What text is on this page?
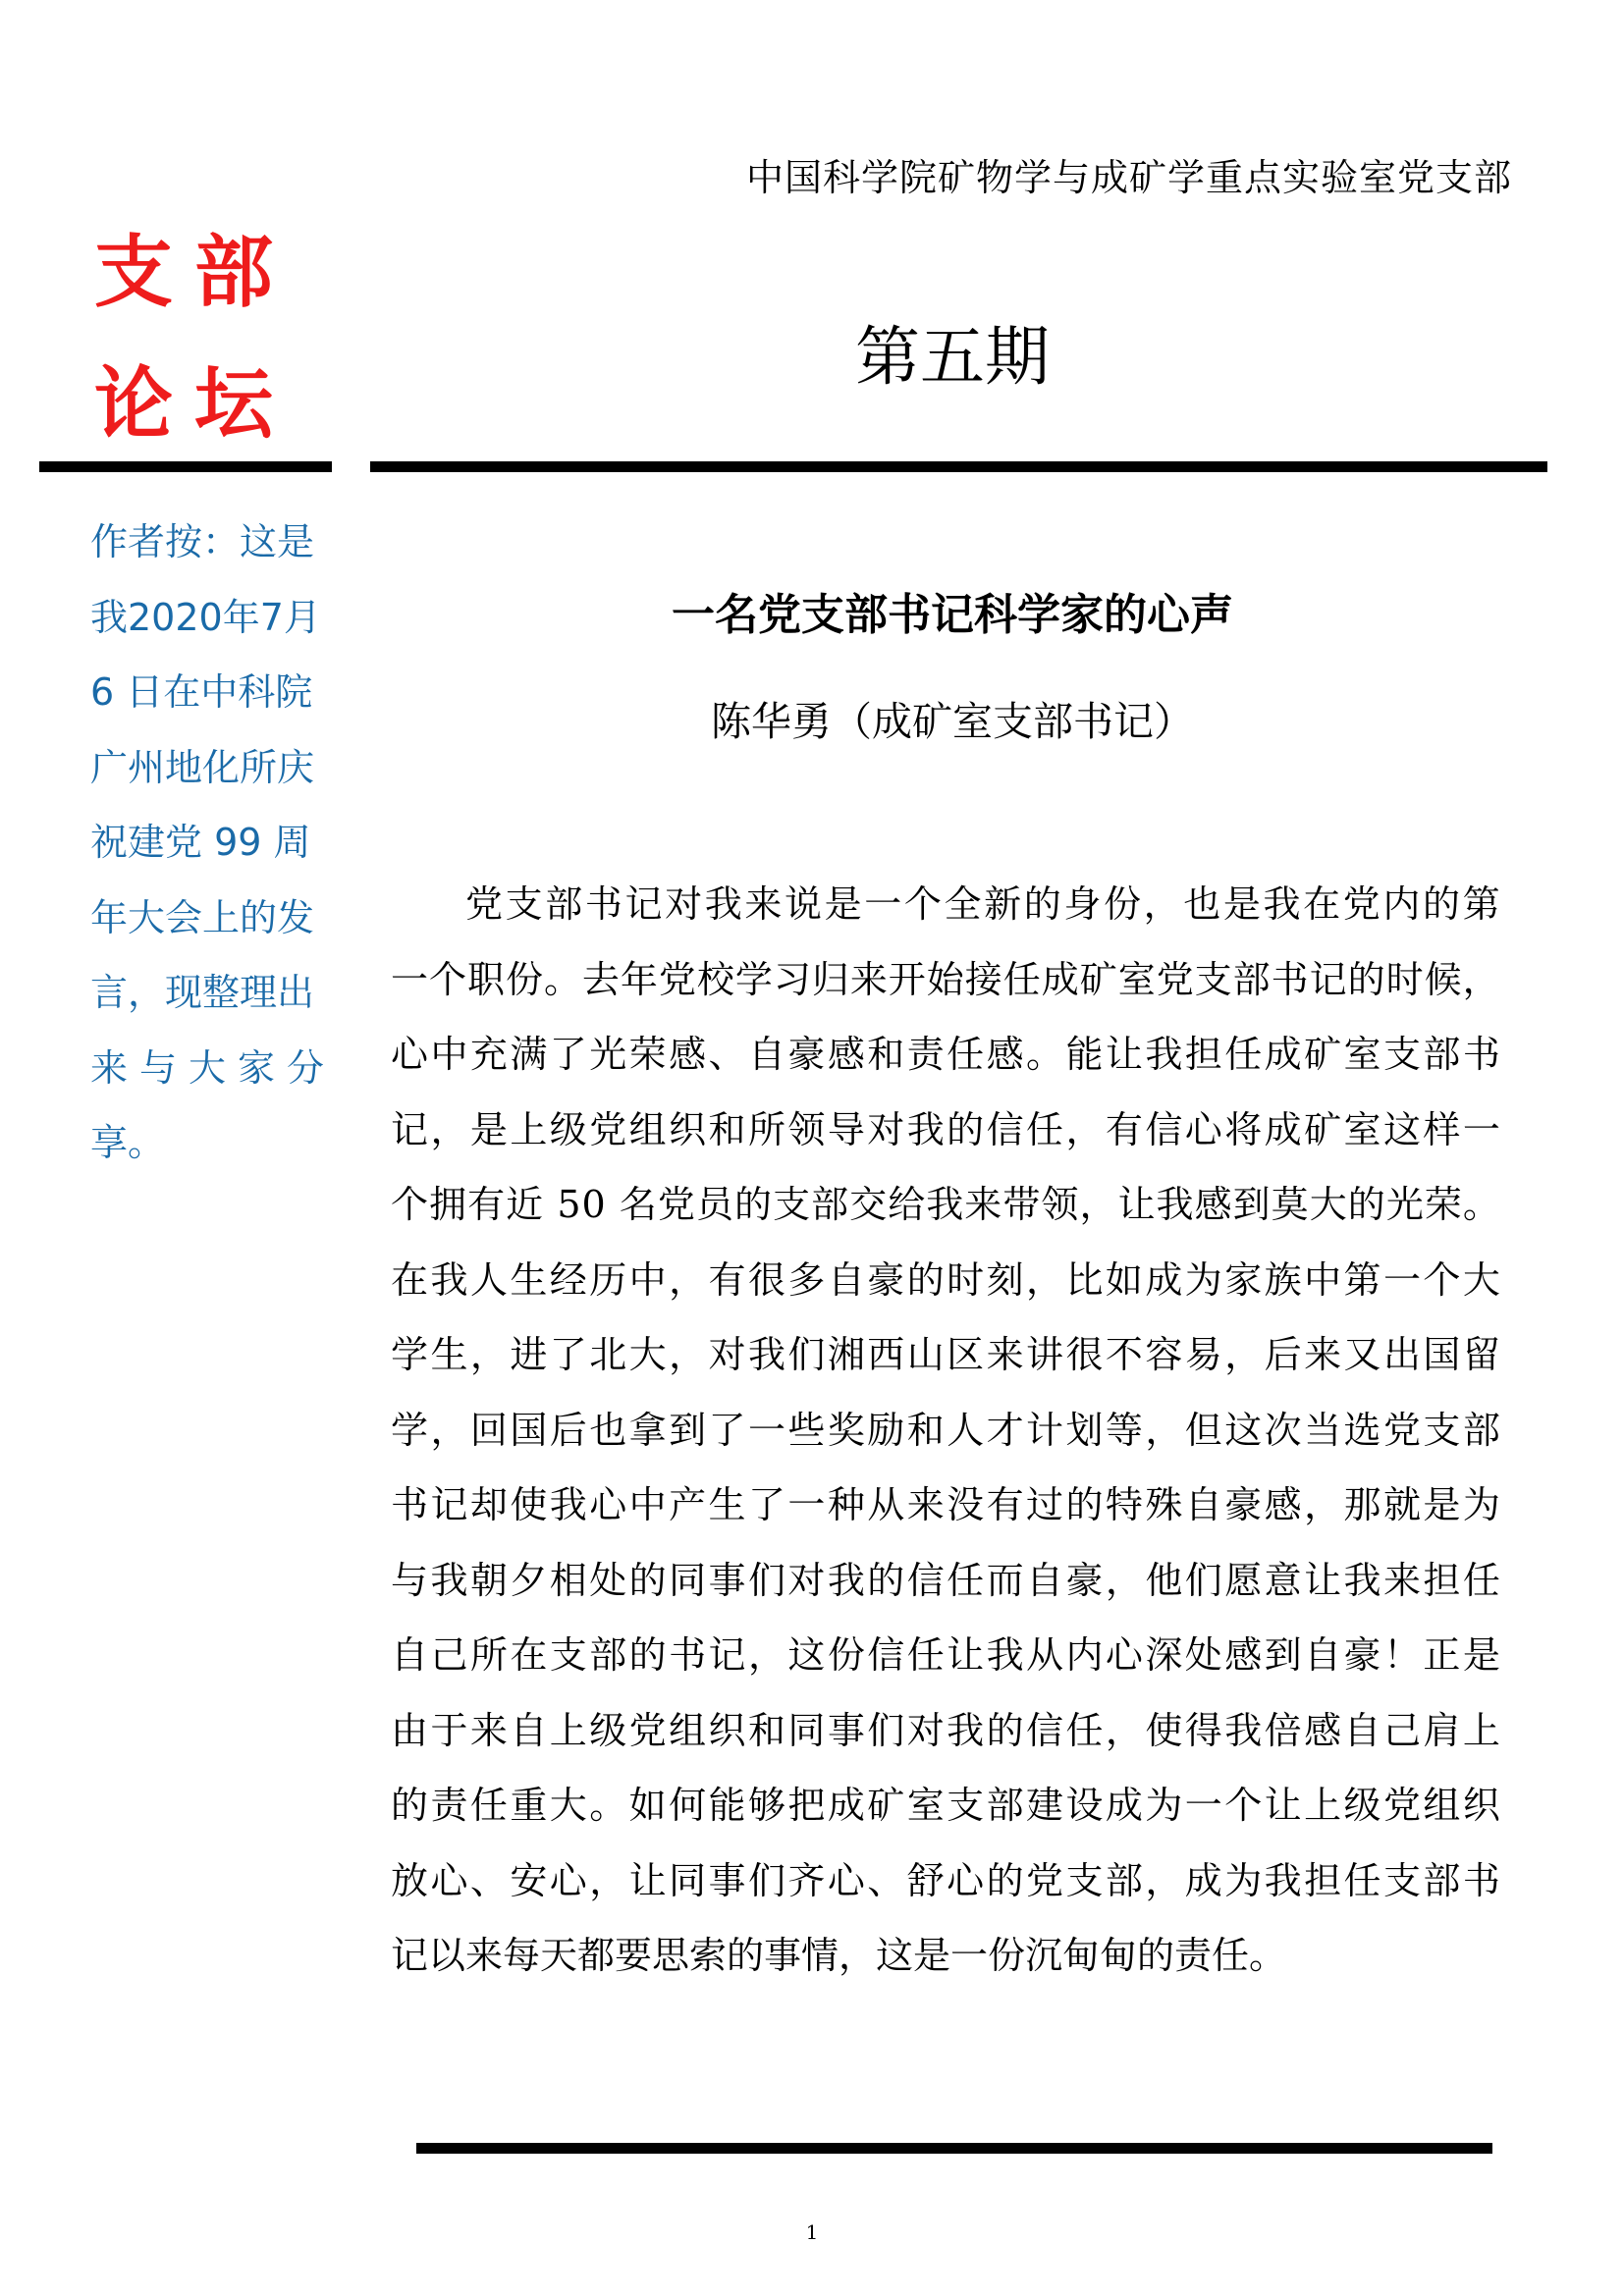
中国科学院矿物学与成矿学重点实验室党支部
支部
论坛
第五期
作者按：这是
我2020年7月
6 日在中科院
广州地化所庆
祝建党 99 周
年大会上的发
言，现整理出
来与大家分
享。
一名党支部书记科学家的心声
陈华勇（成矿室支部书记）
党 支 部 书 记 对 我 来 说 是 一 个 全 新 的 身 份 ， 也 是 我 在 党 内 的 第
一 个 职 份 。 去 年 党 校 学 习 归 来 开 始 接 任 成 矿 室 党 支 部 书 记 的 时 候 ，
心 中 充 满 了 光 荣 感 、 自 豪 感 和 责 任 感 。 能 让 我 担 任 成 矿 室 支 部 书
记 ， 是 上 级 党 组 织 和 所 领 导 对 我 的 信 任 ， 有 信 心 将 成 矿 室 这 样 一
个 拥 有 近
5 0
名 党 员 的 支 部 交 给 我 来 带 领 ， 让 我 感 到 莫 大 的 光 荣 。
在 我 人 生 经 历 中 ， 有 很 多 自 豪 的 时 刻 ， 比 如 成 为 家 族 中 第 一 个 大
学 生 ， 进 了 北 大 ， 对 我 们 湘 西 山 区 来 讲 很 不 容 易 ， 后 来 又 出 国 留
学 ， 回 国 后 也 拿 到 了 一 些 奖 励 和 人 才 计 划 等 ， 但 这 次 当 选 党 支 部
书 记 却 使 我 心 中 产 生 了 一 种 从 来 没 有 过 的 特 殊 自 豪 感 ， 那 就 是 为
与 我 朝 夕 相 处 的 同 事 们 对 我 的 信 任 而 自 豪 ， 他 们 愿 意 让 我 来 担 任
自 己 所 在 支 部 的 书 记 ， 这 份 信 任 让 我 从 内 心 深 处 感 到 自 豪 ！ 正 是
由 于 来 自 上 级 党 组 织 和 同 事 们 对 我 的 信 任 ， 使 得 我 倍 感 自 己 肩 上
的 责 任 重 大 。 如 何 能 够 把 成 矿 室 支 部 建 设 成 为 一 个 让 上 级 党 组 织
放 心 、 安 心 ， 让 同 事 们 齐 心 、 舒 心 的 党 支 部 ， 成 为 我 担 任 支 部 书
记以来每天都要思索的事情，这是一份沉甸甸的责任。
1
